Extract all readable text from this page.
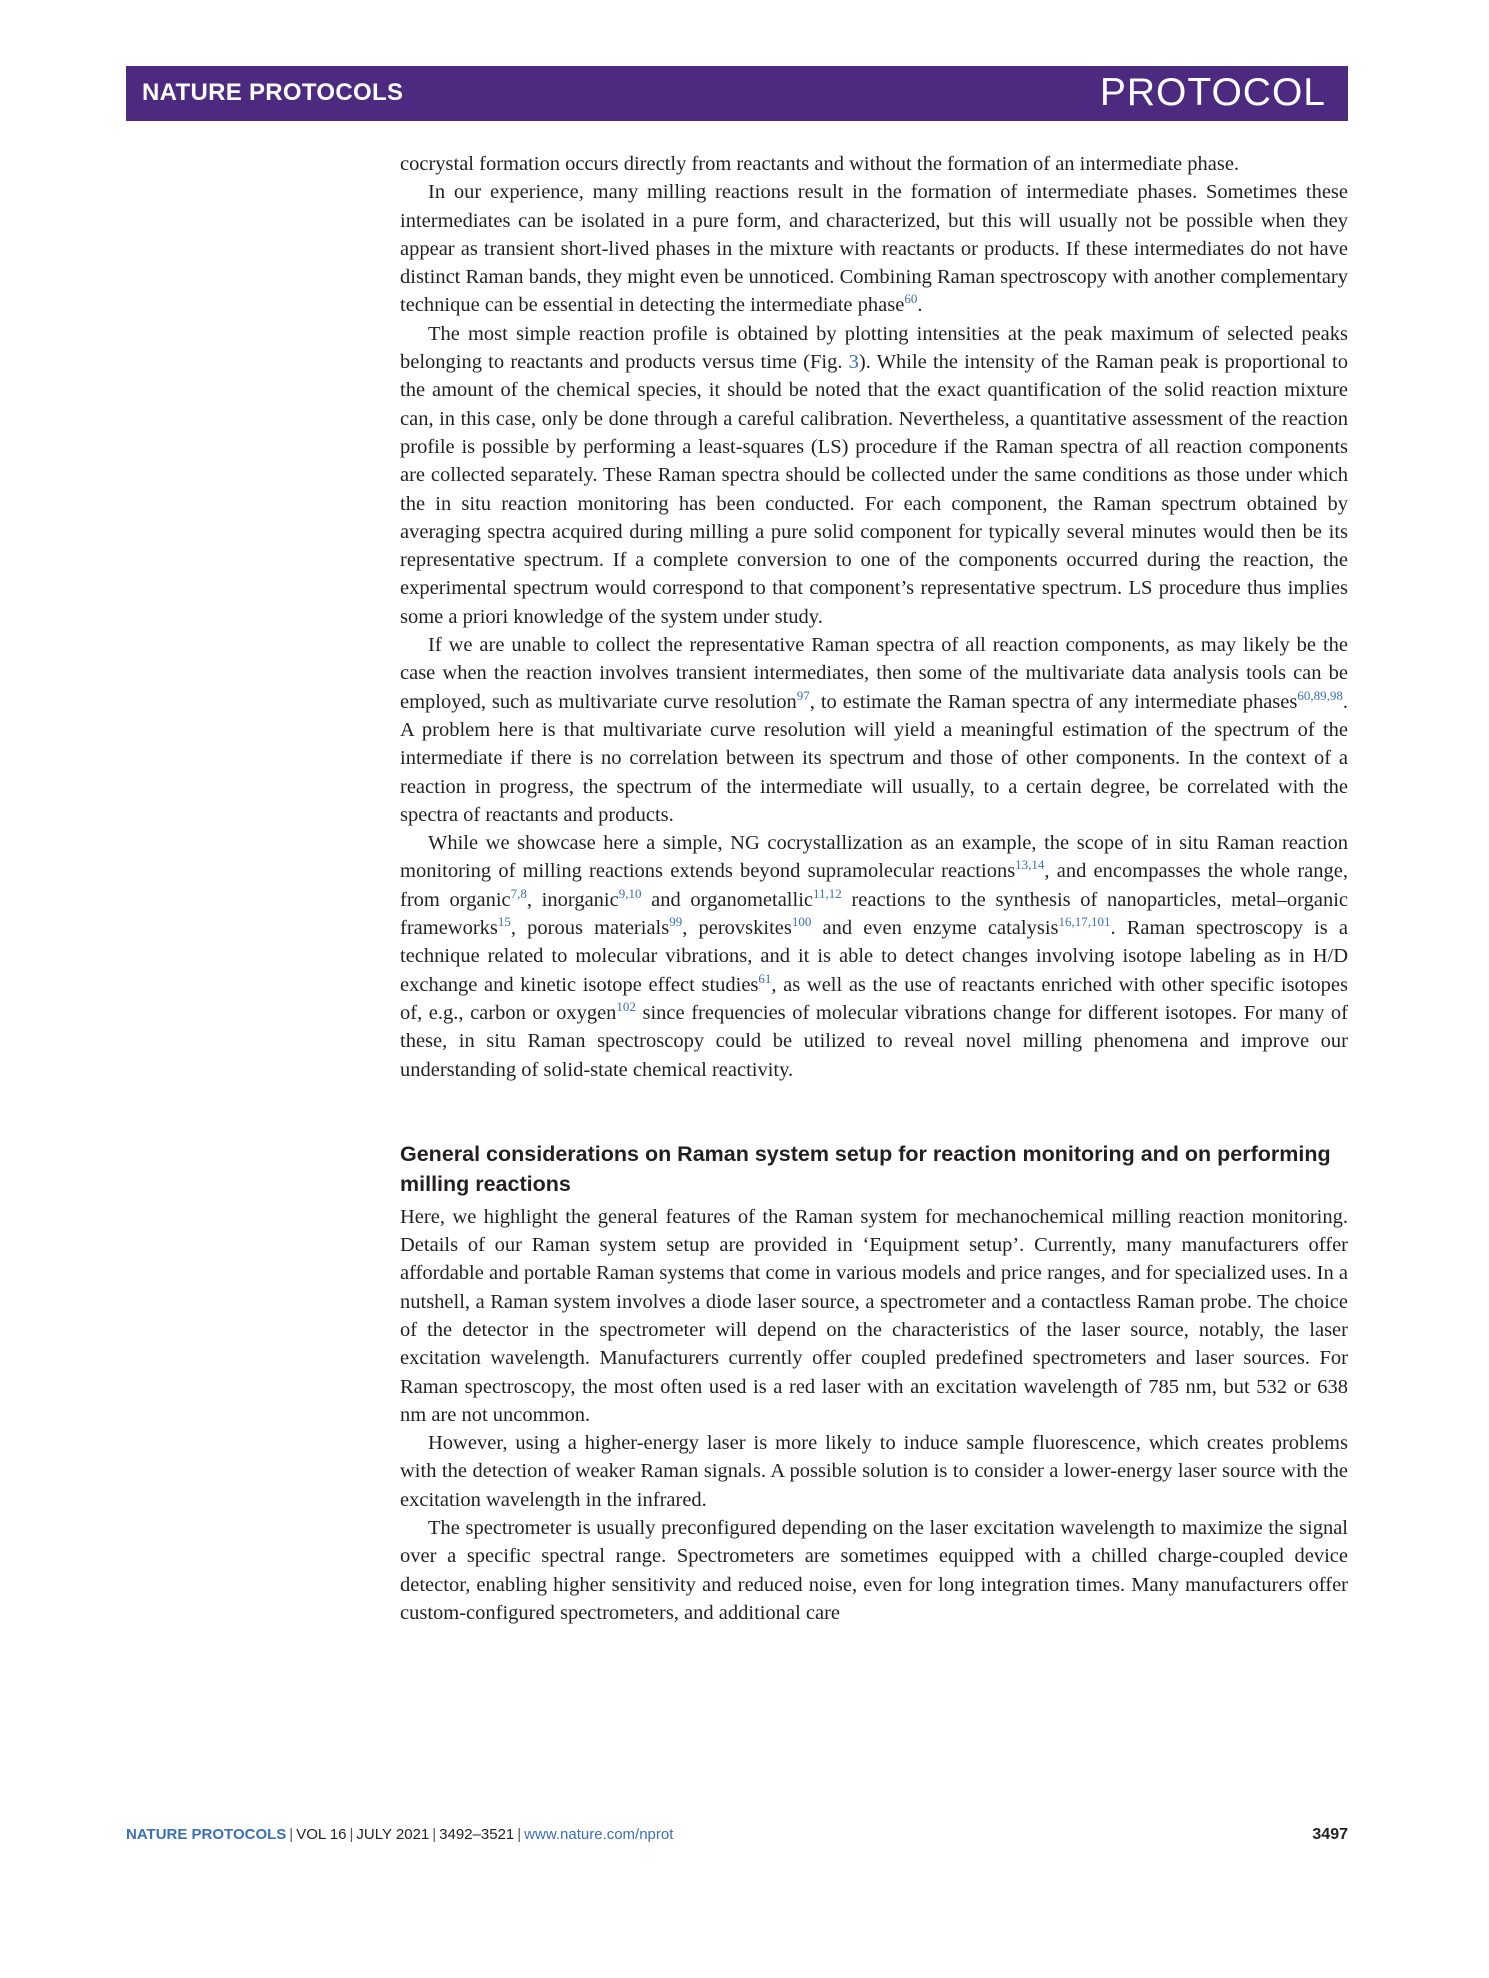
NATURE PROTOCOLS	PROTOCOL

cocrystal formation occurs directly from reactants and without the formation of an intermediate phase.

In our experience, many milling reactions result in the formation of intermediate phases. Sometimes these intermediates can be isolated in a pure form, and characterized, but this will usually not be possible when they appear as transient short-lived phases in the mixture with reactants or products. If these intermediates do not have distinct Raman bands, they might even be unnoticed. Combining Raman spectroscopy with another complementary technique can be essential in detecting the intermediate phase$^{60}$.

The most simple reaction profile is obtained by plotting intensities at the peak maximum of selected peaks belonging to reactants and products versus time (Fig. 3). While the intensity of the Raman peak is proportional to the amount of the chemical species, it should be noted that the exact quantification of the solid reaction mixture can, in this case, only be done through a careful calibration. Nevertheless, a quantitative assessment of the reaction profile is possible by performing a least-squares (LS) procedure if the Raman spectra of all reaction components are collected separately. These Raman spectra should be collected under the same conditions as those under which the in situ reaction monitoring has been conducted. For each component, the Raman spectrum obtained by averaging spectra acquired during milling a pure solid component for typically several minutes would then be its representative spectrum. If a complete conversion to one of the components occurred during the reaction, the experimental spectrum would correspond to that component’s representative spectrum. LS procedure thus implies some a priori knowledge of the system under study.

If we are unable to collect the representative Raman spectra of all reaction components, as may likely be the case when the reaction involves transient intermediates, then some of the multivariate data analysis tools can be employed, such as multivariate curve resolution$^{97}$, to estimate the Raman spectra of any intermediate phases$^{60,89,98}$. A problem here is that multivariate curve resolution will yield a meaningful estimation of the spectrum of the intermediate if there is no correlation between its spectrum and those of other components. In the context of a reaction in progress, the spectrum of the intermediate will usually, to a certain degree, be correlated with the spectra of reactants and products.

While we showcase here a simple, NG cocrystallization as an example, the scope of in situ Raman reaction monitoring of milling reactions extends beyond supramolecular reactions$^{13,14}$, and encompasses the whole range, from organic$^{7,8}$, inorganic$^{9,10}$ and organometallic$^{11,12}$ reactions to the synthesis of nanoparticles, metal–organic frameworks$^{15}$, porous materials$^{99}$, perovskites$^{100}$ and even enzyme catalysis$^{16,17,101}$. Raman spectroscopy is a technique related to molecular vibrations, and it is able to detect changes involving isotope labeling as in H/D exchange and kinetic isotope effect studies$^{61}$, as well as the use of reactants enriched with other specific isotopes of, e.g., carbon or oxygen$^{102}$ since frequencies of molecular vibrations change for different isotopes. For many of these, in situ Raman spectroscopy could be utilized to reveal novel milling phenomena and improve our understanding of solid-state chemical reactivity.

General considerations on Raman system setup for reaction monitoring and on performing milling reactions

Here, we highlight the general features of the Raman system for mechanochemical milling reaction monitoring. Details of our Raman system setup are provided in ‘Equipment setup’. Currently, many manufacturers offer affordable and portable Raman systems that come in various models and price ranges, and for specialized uses. In a nutshell, a Raman system involves a diode laser source, a spectrometer and a contactless Raman probe. The choice of the detector in the spectrometer will depend on the characteristics of the laser source, notably, the laser excitation wavelength. Manufacturers currently offer coupled predefined spectrometers and laser sources. For Raman spectroscopy, the most often used is a red laser with an excitation wavelength of 785 nm, but 532 or 638 nm are not uncommon.

However, using a higher-energy laser is more likely to induce sample fluorescence, which creates problems with the detection of weaker Raman signals. A possible solution is to consider a lower-energy laser source with the excitation wavelength in the infrared.

The spectrometer is usually preconfigured depending on the laser excitation wavelength to maximize the signal over a specific spectral range. Spectrometers are sometimes equipped with a chilled charge-coupled device detector, enabling higher sensitivity and reduced noise, even for long integration times. Many manufacturers offer custom-configured spectrometers, and additional care

NATURE PROTOCOLS | VOL 16 | JULY 2021 | 3492–3521 | www.nature.com/nprot	3497
